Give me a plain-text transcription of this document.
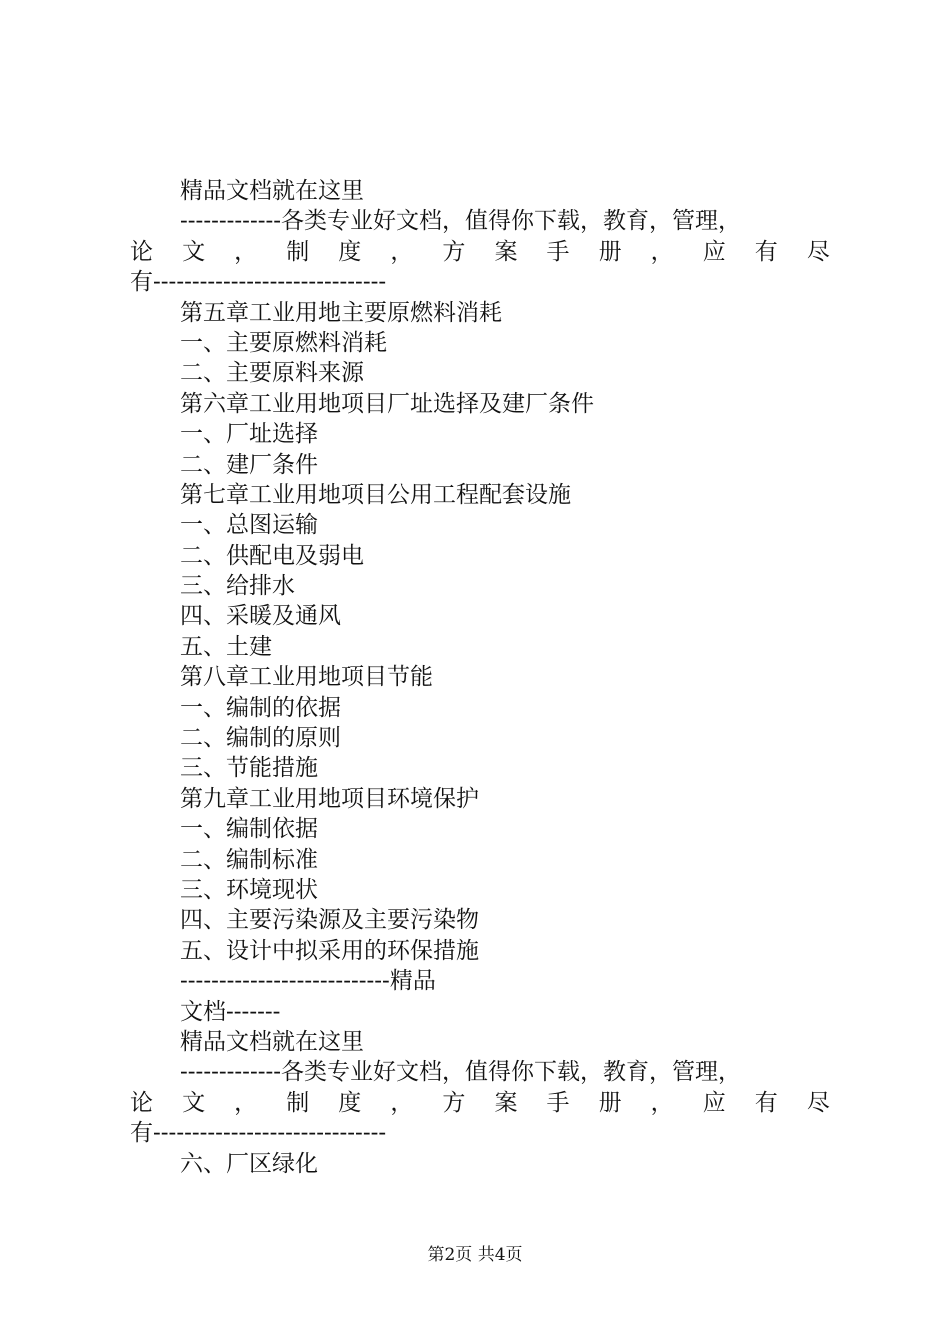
精品文档就在这里
-------------各类专业好文档，值得你下载，教育，管理，
论 文 ， 制 度 ， 方 案 手 册 ， 应 有 尽
有------------------------------
第五章工业用地主要原燃料消耗
一、主要原燃料消耗
二、主要原料来源
第六章工业用地项目厂址选择及建厂条件
一、厂址选择
二、建厂条件
第七章工业用地项目公用工程配套设施
一、总图运输
二、供配电及弱电
三、给排水
四、采暖及通风
五、土建
第八章工业用地项目节能
一、编制的依据
二、编制的原则
三、节能措施
第九章工业用地项目环境保护
一、编制依据
二、编制标准
三、环境现状
四、主要污染源及主要污染物
五、设计中拟采用的环保措施
---------------------------精品
文档-------
精品文档就在这里
-------------各类专业好文档，值得你下载，教育，管理，
论 文 ， 制 度 ， 方 案 手 册 ， 应 有 尽
有------------------------------
六、厂区绿化
第2页 共4页
